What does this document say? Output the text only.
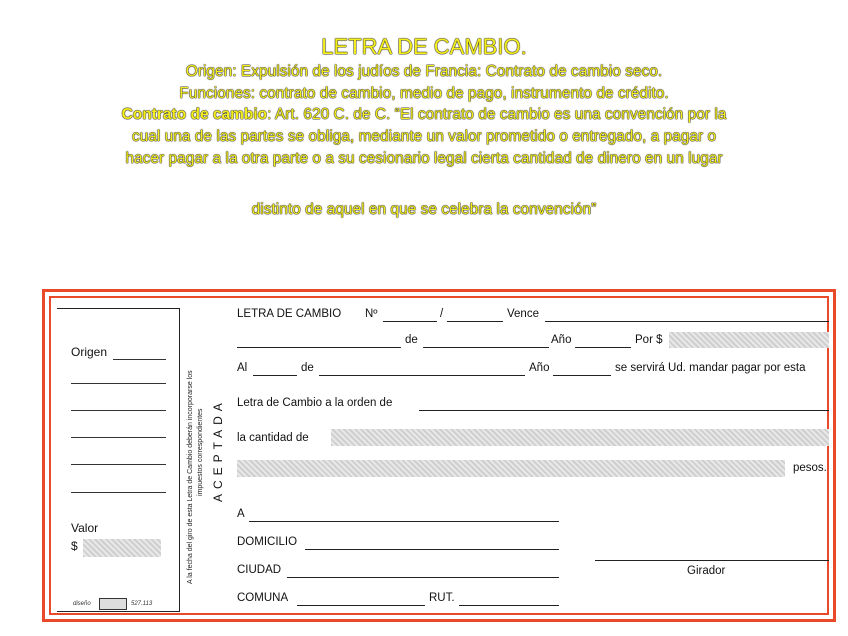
LETRA DE CAMBIO.
Origen: Expulsión de los judíos de Francia: Contrato de cambio seco.
Funciones: contrato de cambio, medio de pago, instrumento de crédito.
Contrato de cambio: Art. 620 C. de C. “El contrato de cambio es una convención por la
cual una de las partes se obliga, mediante un valor prometido o entregado, a pagar o
hacer pagar a la otra parte o a su cesionario legal cierta cantidad de dinero en un lugar
distinto de aquel en que se celebra la convención”
Origen
Valor
$
diseño	527.113
A la fecha del giro de esta Letra de Cambio deberán incorporarse los impuestos correspondientes ACEPTADA
LETRA DE CAMBIO Nº	/	Vence
de	Año	Por $
Al	de	Año	se servirá Ud. mandar pagar por esta
Letra de Cambio a la orden de
la cantidad de
pesos.
A
DOMICILIO
CIUDAD
COMUNA	RUT.
Girador
